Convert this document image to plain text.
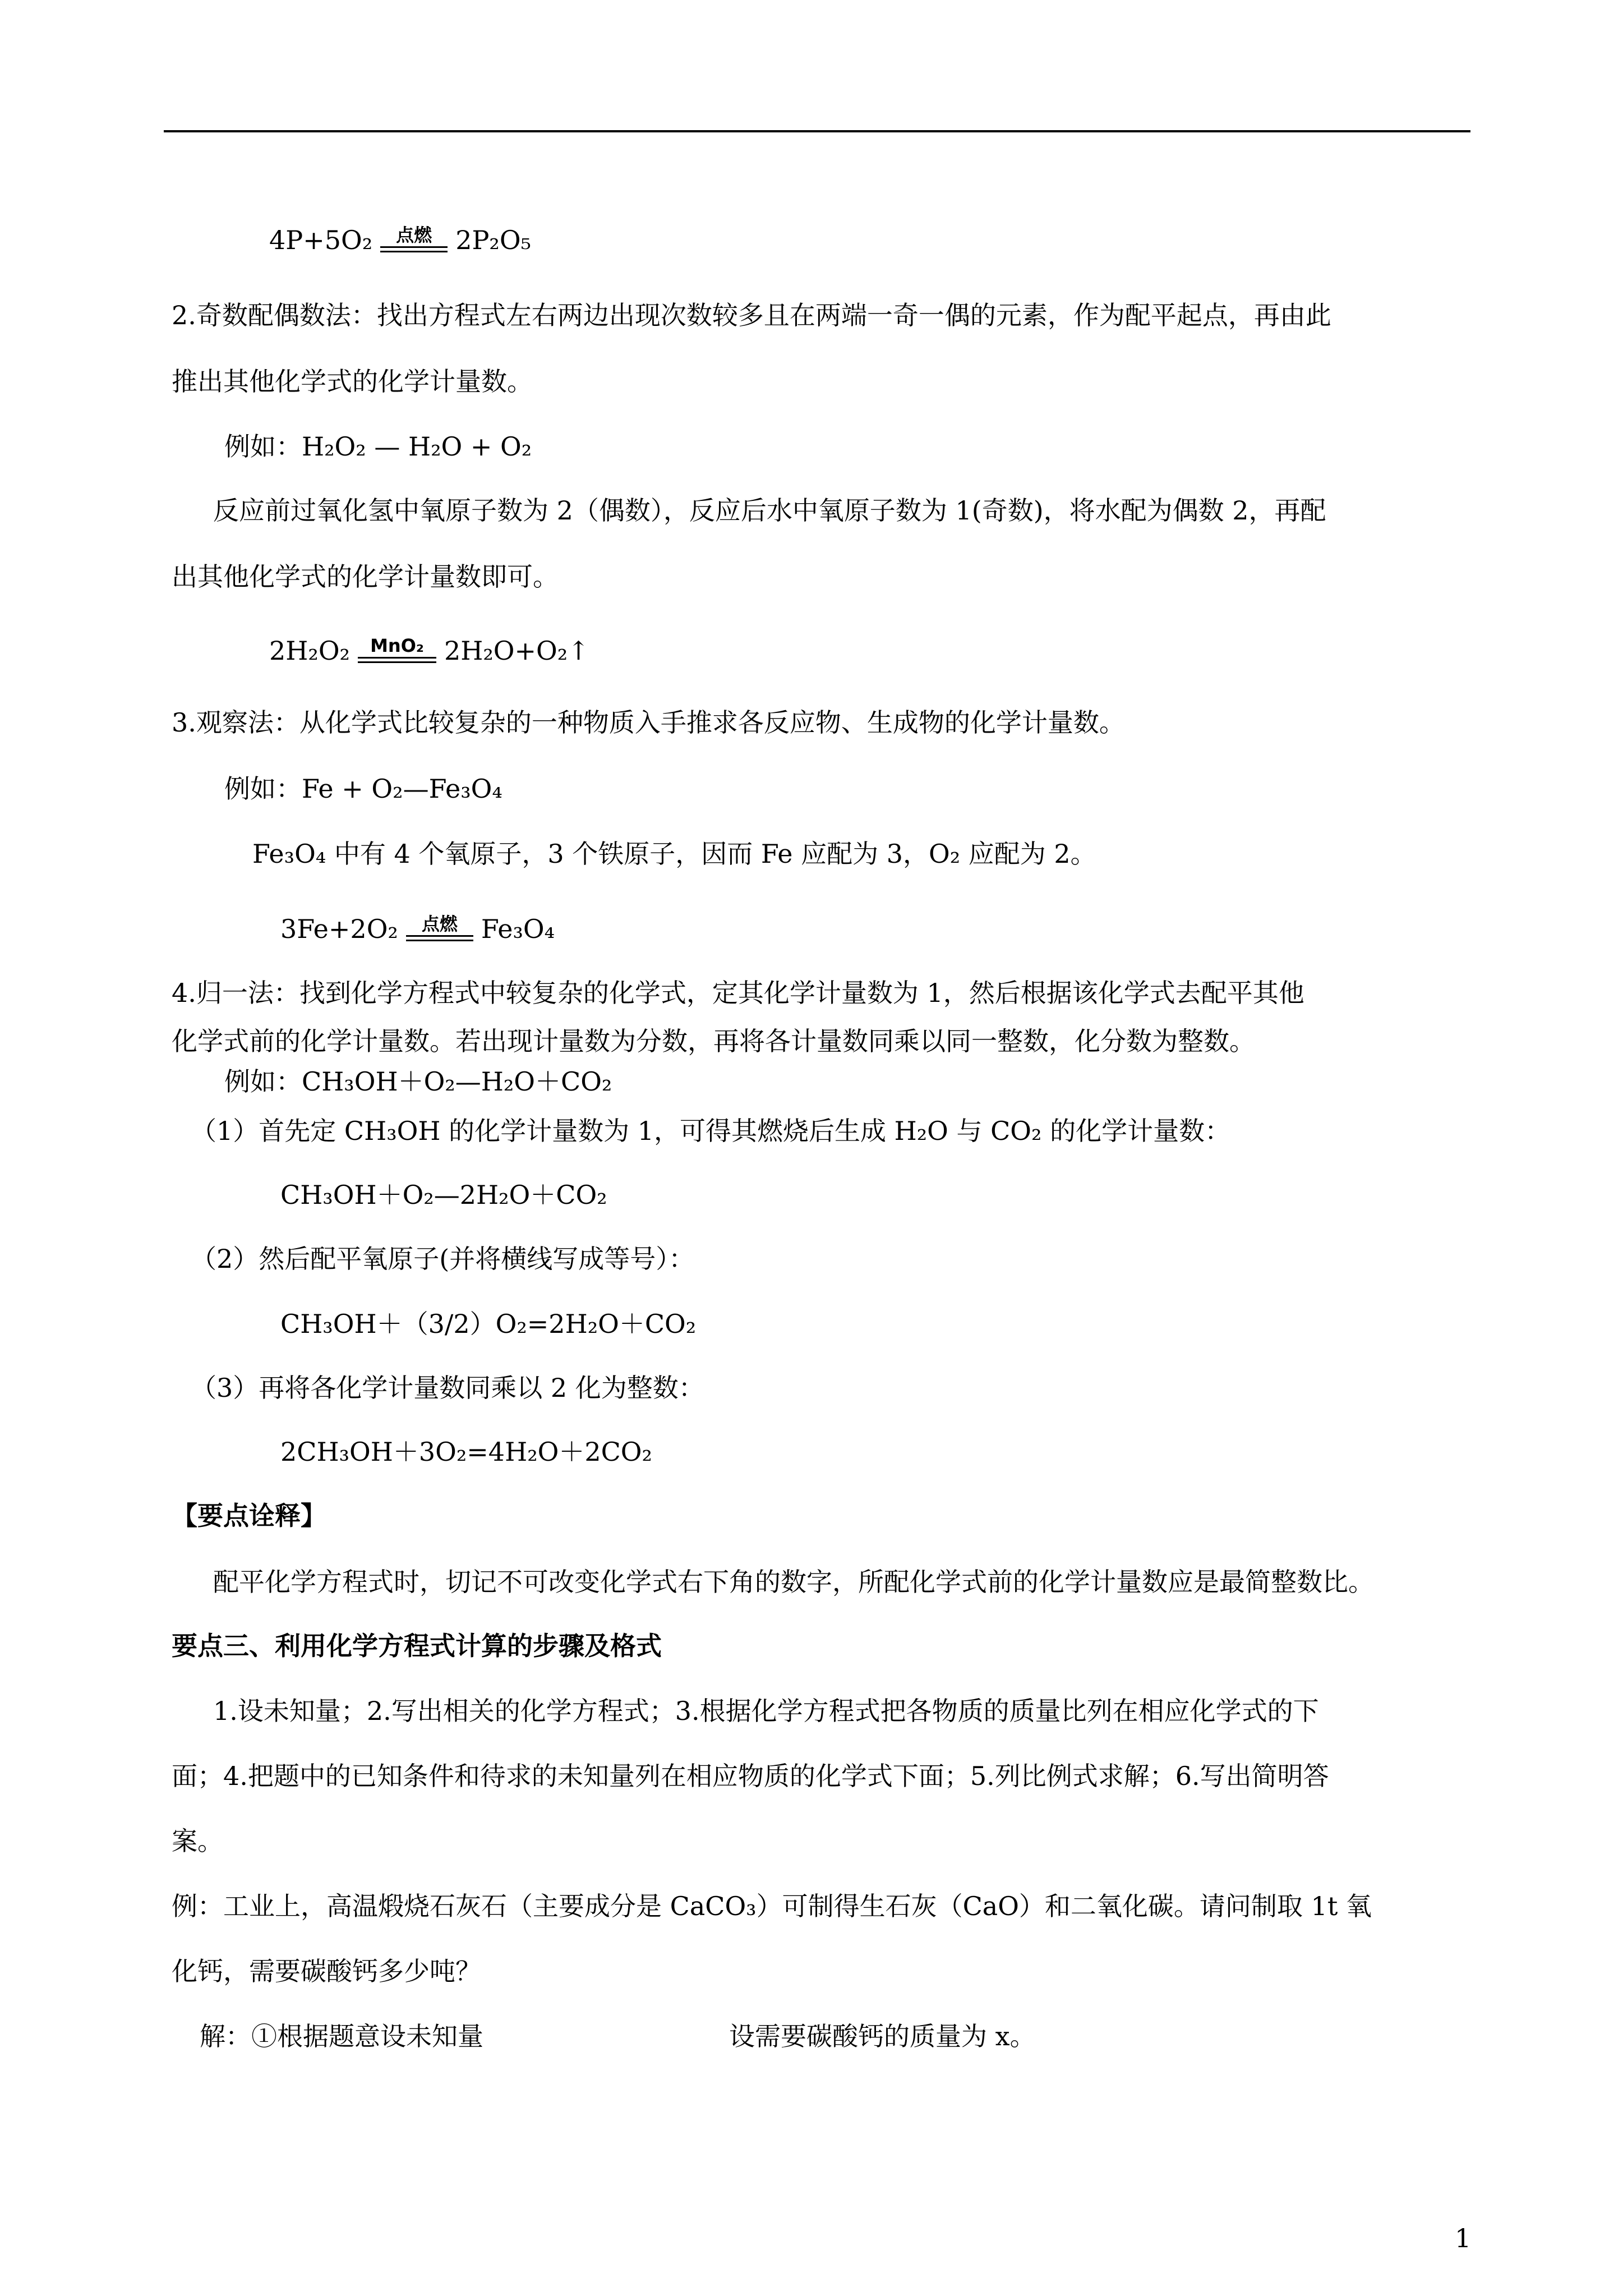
4P+5O₂ 点燃 2P₂O₅
2.奇数配偶数法：找出方程式左右两边出现次数较多且在两端一奇一偶的元素，作为配平起点，再由此
推出其他化学式的化学计量数。
例如：H₂O₂ — H₂O + O₂
反应前过氧化氢中氧原子数为 2（偶数），反应后水中氧原子数为 1(奇数)，将水配为偶数 2，再配
出其他化学式的化学计量数即可。
2H₂O₂ MnO₂ 2H₂O+O₂↑
3.观察法：从化学式比较复杂的一种物质入手推求各反应物、生成物的化学计量数。
例如：Fe + O₂—Fe₃O₄
Fe₃O₄ 中有 4 个氧原子，3 个铁原子，因而 Fe 应配为 3，O₂ 应配为 2。
3Fe+2O₂ 点燃 Fe₃O₄
4.归一法：找到化学方程式中较复杂的化学式，定其化学计量数为 1，然后根据该化学式去配平其他
化学式前的化学计量数。若出现计量数为分数，再将各计量数同乘以同一整数，化分数为整数。
例如：CH₃OH＋O₂—H₂O＋CO₂
（1）首先定 CH₃OH 的化学计量数为 1，可得其燃烧后生成 H₂O 与 CO₂ 的化学计量数：
CH₃OH＋O₂—2H₂O＋CO₂
（2）然后配平氧原子(并将横线写成等号）：
CH₃OH＋（3/2）O₂=2H₂O＋CO₂
（3）再将各化学计量数同乘以 2 化为整数：
2CH₃OH＋3O₂=4H₂O＋2CO₂
【要点诠释】
配平化学方程式时，切记不可改变化学式右下角的数字，所配化学式前的化学计量数应是最简整数比。
要点三、利用化学方程式计算的步骤及格式
1.设未知量；2.写出相关的化学方程式；3.根据化学方程式把各物质的质量比列在相应化学式的下
面；4.把题中的已知条件和待求的未知量列在相应物质的化学式下面；5.列比例式求解；6.写出简明答
案。
例：工业上，高温煅烧石灰石（主要成分是 CaCO₃）可制得生石灰（CaO）和二氧化碳。请问制取 1t 氧
化钙，需要碳酸钙多少吨？
解：①根据题意设未知量	设需要碳酸钙的质量为 x。
1
